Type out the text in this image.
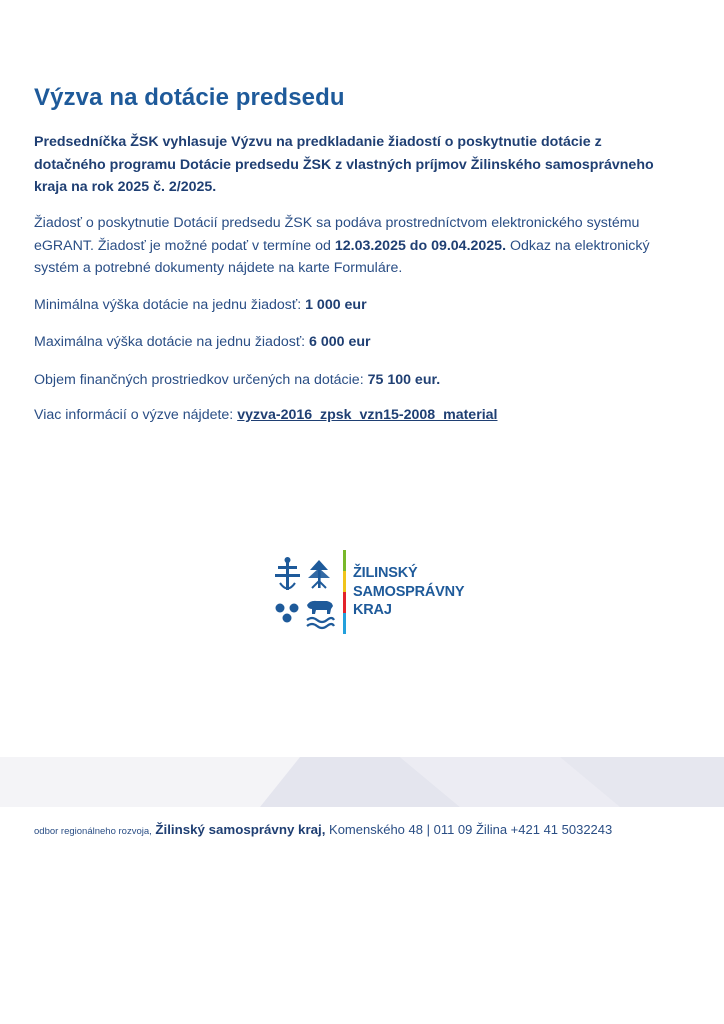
Výzva na dotácie predsedu
Predsedníčka ŽSK vyhlasuje Výzvu na predkladanie žiadostí o poskytnutie dotácie z dotačného programu Dotácie predsedu ŽSK z vlastných príjmov Žilinského samosprávneho kraja na rok 2025 č. 2/2025.
Žiadosť o poskytnutie Dotácií predsedu ŽSK sa podáva prostredníctvom elektronického systému eGRANT. Žiadosť je možné podať v termíne od 12.03.2025 do 09.04.2025. Odkaz na elektronický systém a potrebné dokumenty nájdete na karte Formuláre.
Minimálna výška dotácie na jednu žiadosť: 1 000 eur
Maximálna výška dotácie na jednu žiadosť: 6 000 eur
Objem finančných prostriedkov určených na dotácie: 75 100 eur.
Viac informácií o výzve nájdete: vyzva-2016_zpsk_vzn15-2008_material
ŽILINSKÝ
SAMOSPRÁVNY
KRAJ
odbor regionálneho rozvoja, Žilinský samosprávny kraj, Komenského 48 | 011 09 Žilina +421 41 5032243
